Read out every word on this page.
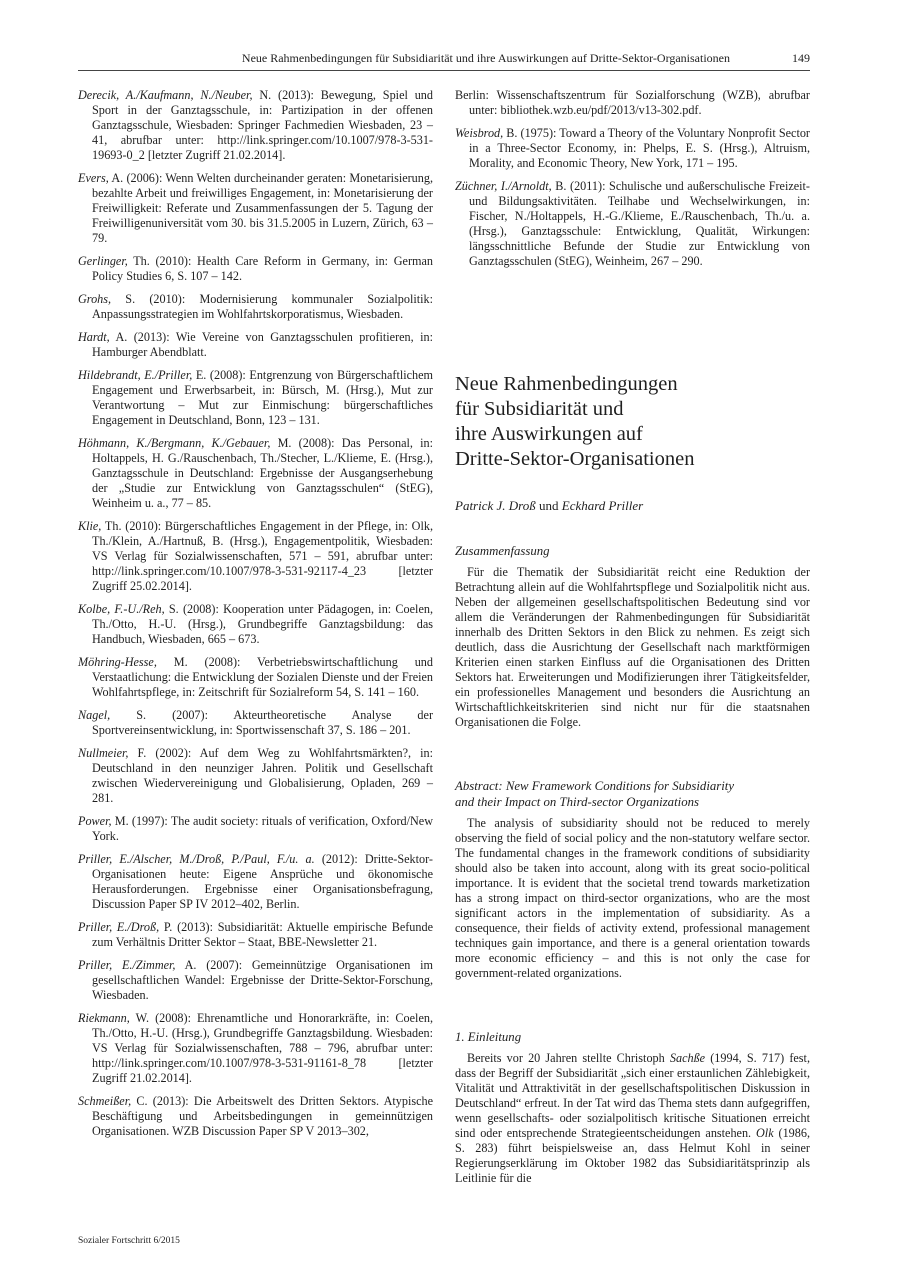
Neue Rahmenbedingungen für Subsidiarität und ihre Auswirkungen auf Dritte-Sektor-Organisationen	149

Derecik, A./Kaufmann, N./Neuber, N. (2013): Bewegung, Spiel und Sport in der Ganztagsschule, in: Partizipation in der offenen Ganztagsschule, Wiesbaden: Springer Fachmedien Wiesbaden, 23 – 41, abrufbar unter: http://link.springer.com/10.1007/978-3-531-19693-0_2 [letzter Zugriff 21.02.2014].

Evers, A. (2006): Wenn Welten durcheinander geraten: Monetarisierung, bezahlte Arbeit und freiwilliges Engagement, in: Monetarisierung der Freiwilligkeit: Referate und Zusammenfassungen der 5. Tagung der Freiwilligenuniversität vom 30. bis 31.5.2005 in Luzern, Zürich, 63 – 79.

Gerlinger, Th. (2010): Health Care Reform in Germany, in: German Policy Studies 6, S. 107 – 142.

Grohs, S. (2010): Modernisierung kommunaler Sozialpolitik: Anpassungsstrategien im Wohlfahrtskorporatismus, Wiesbaden.

Hardt, A. (2013): Wie Vereine von Ganztagsschulen profitieren, in: Hamburger Abendblatt.

Hildebrandt, E./Priller, E. (2008): Entgrenzung von Bürgerschaftlichem Engagement und Erwerbsarbeit, in: Bürsch, M. (Hrsg.), Mut zur Verantwortung – Mut zur Einmischung: bürgerschaftliches Engagement in Deutschland, Bonn, 123 – 131.

Höhmann, K./Bergmann, K./Gebauer, M. (2008): Das Personal, in: Holtappels, H. G./Rauschenbach, Th./Stecher, L./Klieme, E. (Hrsg.), Ganztagsschule in Deutschland: Ergebnisse der Ausgangserhebung der „Studie zur Entwicklung von Ganztagsschulen“ (StEG), Weinheim u. a., 77 – 85.

Klie, Th. (2010): Bürgerschaftliches Engagement in der Pflege, in: Olk, Th./Klein, A./Hartnuß, B. (Hrsg.), Engagementpolitik, Wiesbaden: VS Verlag für Sozialwissenschaften, 571 – 591, abrufbar unter: http://link.springer.com/10.1007/978-3-531-92117-4_23 [letzter Zugriff 25.02.2014].

Kolbe, F.-U./Reh, S. (2008): Kooperation unter Pädagogen, in: Coelen, Th./Otto, H.-U. (Hrsg.), Grundbegriffe Ganztagsbildung: das Handbuch, Wiesbaden, 665 – 673.

Möhring-Hesse, M. (2008): Verbetriebswirtschaftlichung und Verstaatlichung: die Entwicklung der Sozialen Dienste und der Freien Wohlfahrtspflege, in: Zeitschrift für Sozialreform 54, S. 141 – 160.

Nagel, S. (2007): Akteurtheoretische Analyse der Sportvereinsentwicklung, in: Sportwissenschaft 37, S. 186 – 201.

Nullmeier, F. (2002): Auf dem Weg zu Wohlfahrtsmärkten?, in: Deutschland in den neunziger Jahren. Politik und Gesellschaft zwischen Wiedervereinigung und Globalisierung, Opladen, 269 – 281.

Power, M. (1997): The audit society: rituals of verification, Oxford/New York.

Priller, E./Alscher, M./Droß, P./Paul, F./u. a. (2012): Dritte-Sektor-Organisationen heute: Eigene Ansprüche und ökonomische Herausforderungen. Ergebnisse einer Organisationsbefragung, Discussion Paper SP IV 2012–402, Berlin.

Priller, E./Droß, P. (2013): Subsidiarität: Aktuelle empirische Befunde zum Verhältnis Dritter Sektor – Staat, BBE-Newsletter 21.

Priller, E./Zimmer, A. (2007): Gemeinnützige Organisationen im gesellschaftlichen Wandel: Ergebnisse der Dritte-Sektor-Forschung, Wiesbaden.

Riekmann, W. (2008): Ehrenamtliche und Honorarkräfte, in: Coelen, Th./Otto, H.-U. (Hrsg.), Grundbegriffe Ganztagsbildung. Wiesbaden: VS Verlag für Sozialwissenschaften, 788 – 796, abrufbar unter: http://link.springer.com/10.1007/978-3-531-91161-8_78 [letzter Zugriff 21.02.2014].

Schmeißer, C. (2013): Die Arbeitswelt des Dritten Sektors. Atypische Beschäftigung und Arbeitsbedingungen in gemeinnützigen Organisationen. WZB Discussion Paper SP V 2013–302,

Berlin: Wissenschaftszentrum für Sozialforschung (WZB), abrufbar unter: bibliothek.wzb.eu/pdf/2013/v13-302.pdf.

Weisbrod, B. (1975): Toward a Theory of the Voluntary Nonprofit Sector in a Three-Sector Economy, in: Phelps, E. S. (Hrsg.), Altruism, Morality, and Economic Theory, New York, 171 – 195.

Züchner, I./Arnoldt, B. (2011): Schulische und außerschulische Freizeit- und Bildungsaktivitäten. Teilhabe und Wechselwirkungen, in: Fischer, N./Holtappels, H.-G./Klieme, E./Rauschenbach, Th./u. a. (Hrsg.), Ganztagsschule: Entwicklung, Qualität, Wirkungen: längsschnittliche Befunde der Studie zur Entwicklung von Ganztagsschulen (StEG), Weinheim, 267 – 290.

Neue Rahmenbedingungen
für Subsidiarität und
ihre Auswirkungen auf
Dritte-Sektor-Organisationen
Patrick J. Droß und Eckhard Priller
Zusammenfassung

Für die Thematik der Subsidiarität reicht eine Reduktion der Betrachtung allein auf die Wohlfahrtspflege und Sozialpolitik nicht aus. Neben der allgemeinen gesellschaftspolitischen Bedeutung sind vor allem die Veränderungen der Rahmenbedingungen für Subsidiarität innerhalb des Dritten Sektors in den Blick zu nehmen. Es zeigt sich deutlich, dass die Ausrichtung der Gesellschaft nach marktförmigen Kriterien einen starken Einfluss auf die Organisationen des Dritten Sektors hat. Erweiterungen und Modifizierungen ihrer Tätigkeitsfelder, ein professionelles Management und besonders die Ausrichtung an Wirtschaftlichkeitskriterien sind nicht nur für die staatsnahen Organisationen die Folge.

Abstract: New Framework Conditions for Subsidiarity
and their Impact on Third-sector Organizations

The analysis of subsidiarity should not be reduced to merely observing the field of social policy and the non-statutory welfare sector. The fundamental changes in the framework conditions of subsidiarity should also be taken into account, along with its great socio-political importance. It is evident that the societal trend towards marketization has a strong impact on third-sector organizations, who are the most significant actors in the implementation of subsidiarity. As a consequence, their fields of activity extend, professional management techniques gain importance, and there is a general orientation towards more economic efficiency – and this is not only the case for government-related organizations.

1. Einleitung

Bereits vor 20 Jahren stellte Christoph Sachße (1994, S. 717) fest, dass der Begriff der Subsidiarität „sich einer erstaunlichen Zählebigkeit, Vitalität und Attraktivität in der gesellschaftspolitischen Diskussion in Deutschland“ erfreut. In der Tat wird das Thema stets dann aufgegriffen, wenn gesellschafts- oder sozialpolitisch kritische Situationen erreicht sind oder entsprechende Strategieentscheidungen anstehen. Olk (1986, S. 283) führt beispielsweise an, dass Helmut Kohl in seiner Regierungserklärung im Oktober 1982 das Subsidiaritätsprinzip als Leitlinie für die

Sozialer Fortschritt 6/2015
